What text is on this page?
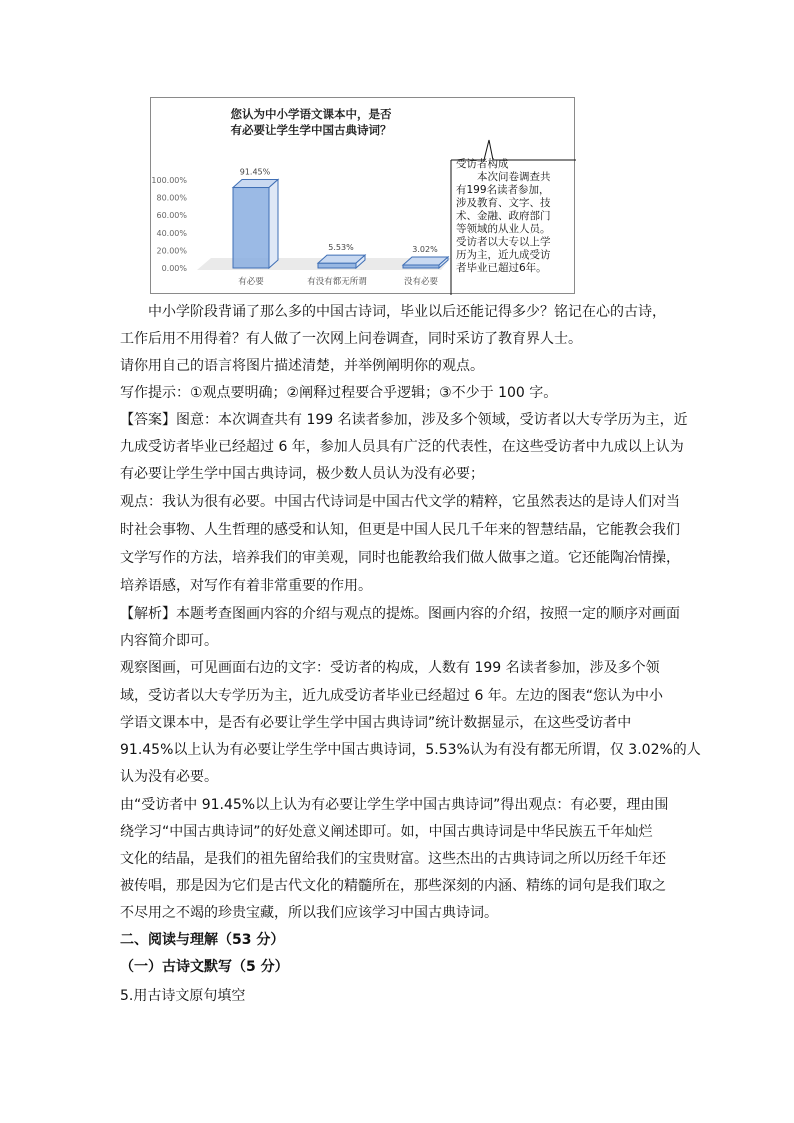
100.00%
80.00%
60.00%
40.00%
20.00%
0.00%
91.45%
有必要
5.53%
有没有都无所谓
3.02%
没有必要
您认为中小学语文课本中，是否
有必要让学生学中国古典诗词？

受访者构成

　　本次问卷调查共

有199名读者参加，

涉及教育、文字、技

术、金融、政府部门

等领域的从业人员。

受访者以大专以上学

历为主，近九成受访

者毕业已超过6年。

中小学阶段背诵了那么多的中国古诗词，毕业以后还能记得多少？铭记在心的古诗，
工作后用不用得着？有人做了一次网上问卷调查，同时采访了教育界人士。
请你用自己的语言将图片描述清楚，并举例阐明你的观点。
写作提示：①观点要明确；②阐释过程要合乎逻辑；③不少于 100 字。
【答案】图意：本次调查共有 199 名读者参加，涉及多个领域，受访者以大专学历为主，近
九成受访者毕业已经超过 6 年，参加人员具有广泛的代表性，在这些受访者中九成以上认为
有必要让学生学中国古典诗词，极少数人员认为没有必要；
观点：我认为很有必要。中国古代诗词是中国古代文学的精粹，它虽然表达的是诗人们对当
时社会事物、人生哲理的感受和认知，但更是中国人民几千年来的智慧结晶，它能教会我们
文学写作的方法，培养我们的审美观，同时也能教给我们做人做事之道。它还能陶冶情操，
培养语感，对写作有着非常重要的作用。
【解析】本题考查图画内容的介绍与观点的提炼。图画内容的介绍，按照一定的顺序对画面
内容简介即可。
观察图画，可见画面右边的文字：受访者的构成，人数有 199 名读者参加，涉及多个领
域，受访者以大专学历为主，近九成受访者毕业已经超过 6 年。左边的图表“您认为中小
学语文课本中，是否有必要让学生学中国古典诗词”统计数据显示，在这些受访者中
91.45%以上认为有必要让学生学中国古典诗词，5.53%认为有没有都无所谓，仅 3.02%的人
认为没有必要。
由“受访者中 91.45%以上认为有必要让学生学中国古典诗词”得出观点：有必要，理由围
绕学习“中国古典诗词”的好处意义阐述即可。如，中国古典诗词是中华民族五千年灿烂
文化的结晶，是我们的祖先留给我们的宝贵财富。这些杰出的古典诗词之所以历经千年还
被传唱，那是因为它们是古代文化的精髓所在，那些深刻的内涵、精练的词句是我们取之
不尽用之不竭的珍贵宝藏，所以我们应该学习中国古典诗词。
二、阅读与理解（53 分）
（一）古诗文默写（5 分）
5.用古诗文原句填空
